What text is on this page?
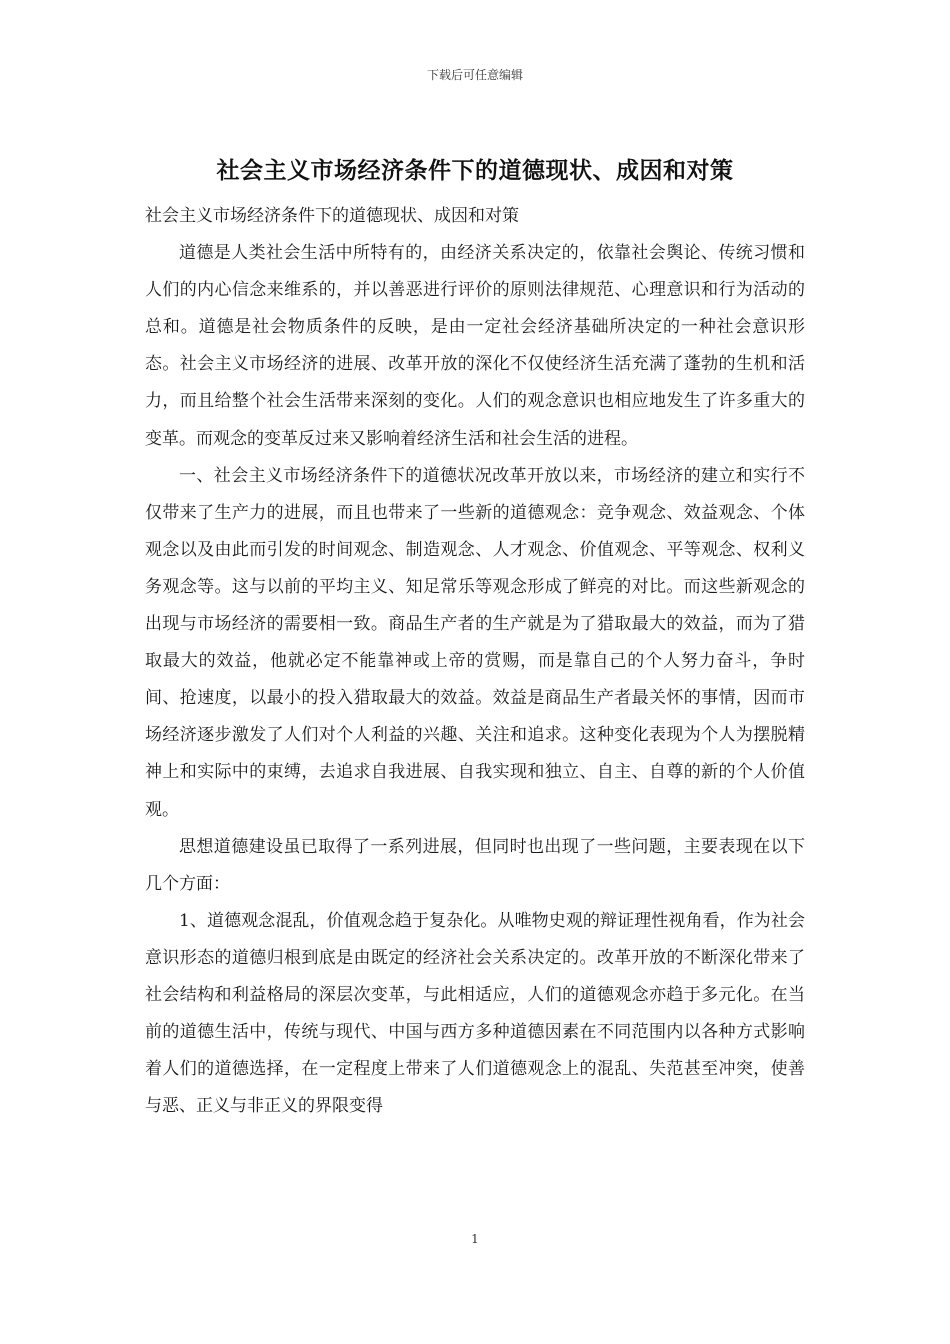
下载后可任意编辑
社会主义市场经济条件下的道德现状、成因和对策

社会主义市场经济条件下的道德现状、成因和对策

道德是人类社会生活中所特有的，由经济关系决定的，依靠社会舆论、传统习惯和人们的内心信念来维系的，并以善恶进行评价的原则法律规范、心理意识和行为活动的总和。道德是社会物质条件的反映，是由一定社会经济基础所决定的一种社会意识形态。社会主义市场经济的进展、改革开放的深化不仅使经济生活充满了蓬勃的生机和活力，而且给整个社会生活带来深刻的变化。人们的观念意识也相应地发生了许多重大的变革。而观念的变革反过来又影响着经济生活和社会生活的进程。

一、社会主义市场经济条件下的道德状况改革开放以来，市场经济的建立和实行不仅带来了生产力的进展，而且也带来了一些新的道德观念：竞争观念、效益观念、个体观念以及由此而引发的时间观念、制造观念、人才观念、价值观念、平等观念、权利义务观念等。这与以前的平均主义、知足常乐等观念形成了鲜亮的对比。而这些新观念的出现与市场经济的需要相一致。商品生产者的生产就是为了猎取最大的效益，而为了猎取最大的效益，他就必定不能靠神或上帝的赏赐，而是靠自己的个人努力奋斗，争时间、抢速度，以最小的投入猎取最大的效益。效益是商品生产者最关怀的事情，因而市场经济逐步激发了人们对个人利益的兴趣、关注和追求。这种变化表现为个人为摆脱精神上和实际中的束缚，去追求自我进展、自我实现和独立、自主、自尊的新的个人价值观。

思想道德建设虽已取得了一系列进展，但同时也出现了一些问题，主要表现在以下几个方面：

1、道德观念混乱，价值观念趋于复杂化。从唯物史观的辩证理性视角看，作为社会意识形态的道德归根到底是由既定的经济社会关系决定的。改革开放的不断深化带来了社会结构和利益格局的深层次变革，与此相适应，人们的道德观念亦趋于多元化。在当前的道德生活中，传统与现代、中国与西方多种道德因素在不同范围内以各种方式影响着人们的道德选择，在一定程度上带来了人们道德观念上的混乱、失范甚至冲突，使善与恶、正义与非正义的界限变得

1
